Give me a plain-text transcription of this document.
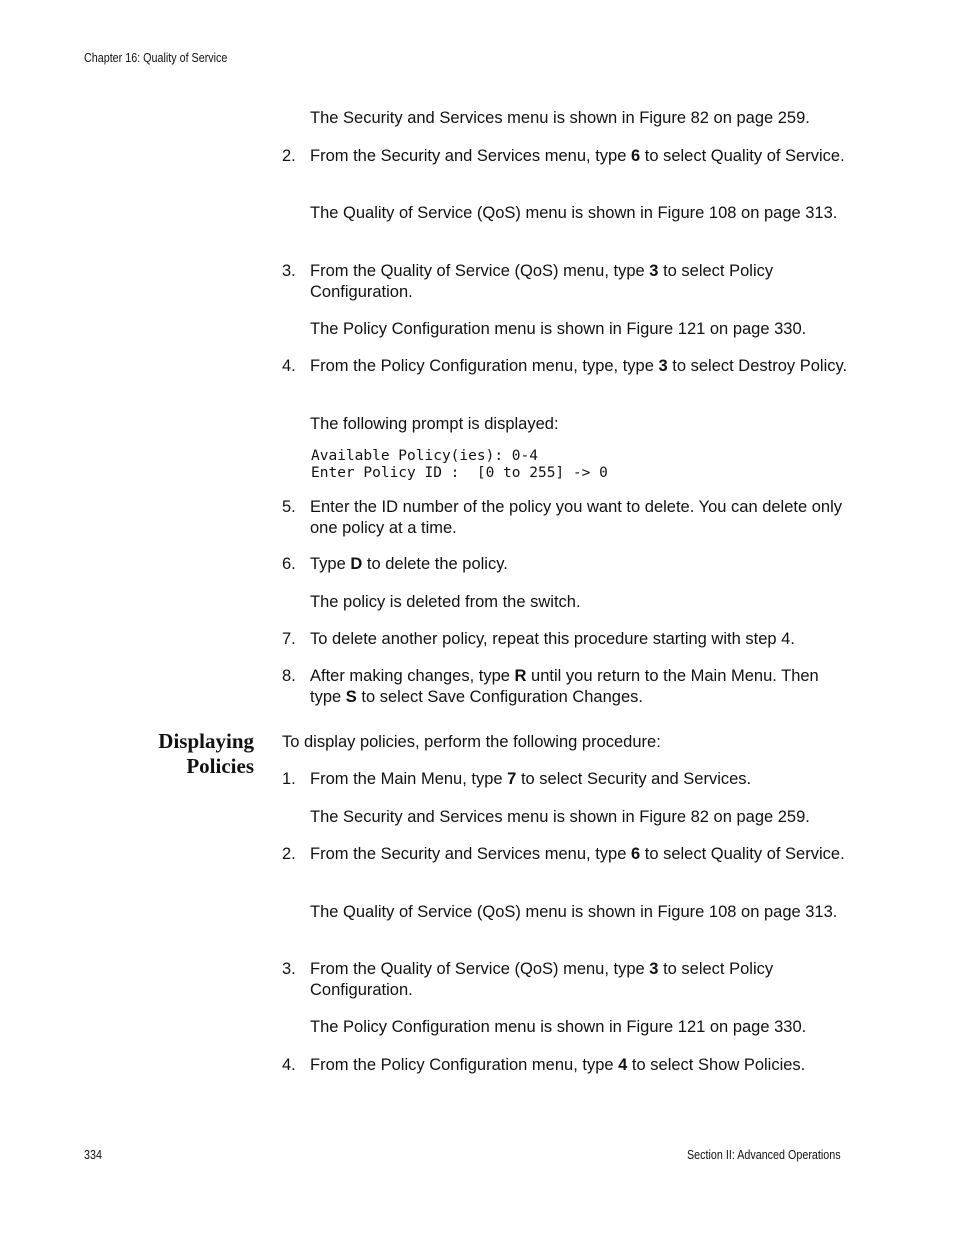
Chapter 16: Quality of Service

The Security and Services menu is shown in Figure 82 on page 259.

2. From the Security and Services menu, type 6 to select Quality of Service.

The Quality of Service (QoS) menu is shown in Figure 108 on page 313.

3. From the Quality of Service (QoS) menu, type 3 to select Policy Configuration.

The Policy Configuration menu is shown in Figure 121 on page 330.

4. From the Policy Configuration menu, type, type 3 to select Destroy Policy.

The following prompt is displayed:

Available Policy(ies): 0-4
Enter Policy ID :  [0 to 255] -> 0
5. Enter the ID number of the policy you want to delete. You can delete only one policy at a time.

6. Type D to delete the policy.

The policy is deleted from the switch.

7. To delete another policy, repeat this procedure starting with step 4.

8. After making changes, type R until you return to the Main Menu. Then type S to select Save Configuration Changes.

Displaying
Policies

To display policies, perform the following procedure:

1. From the Main Menu, type 7 to select Security and Services.

The Security and Services menu is shown in Figure 82 on page 259.

2. From the Security and Services menu, type 6 to select Quality of Service.

The Quality of Service (QoS) menu is shown in Figure 108 on page 313.

3. From the Quality of Service (QoS) menu, type 3 to select Policy Configuration.

The Policy Configuration menu is shown in Figure 121 on page 330.

4. From the Policy Configuration menu, type 4 to select Show Policies.

334	Section II: Advanced Operations
